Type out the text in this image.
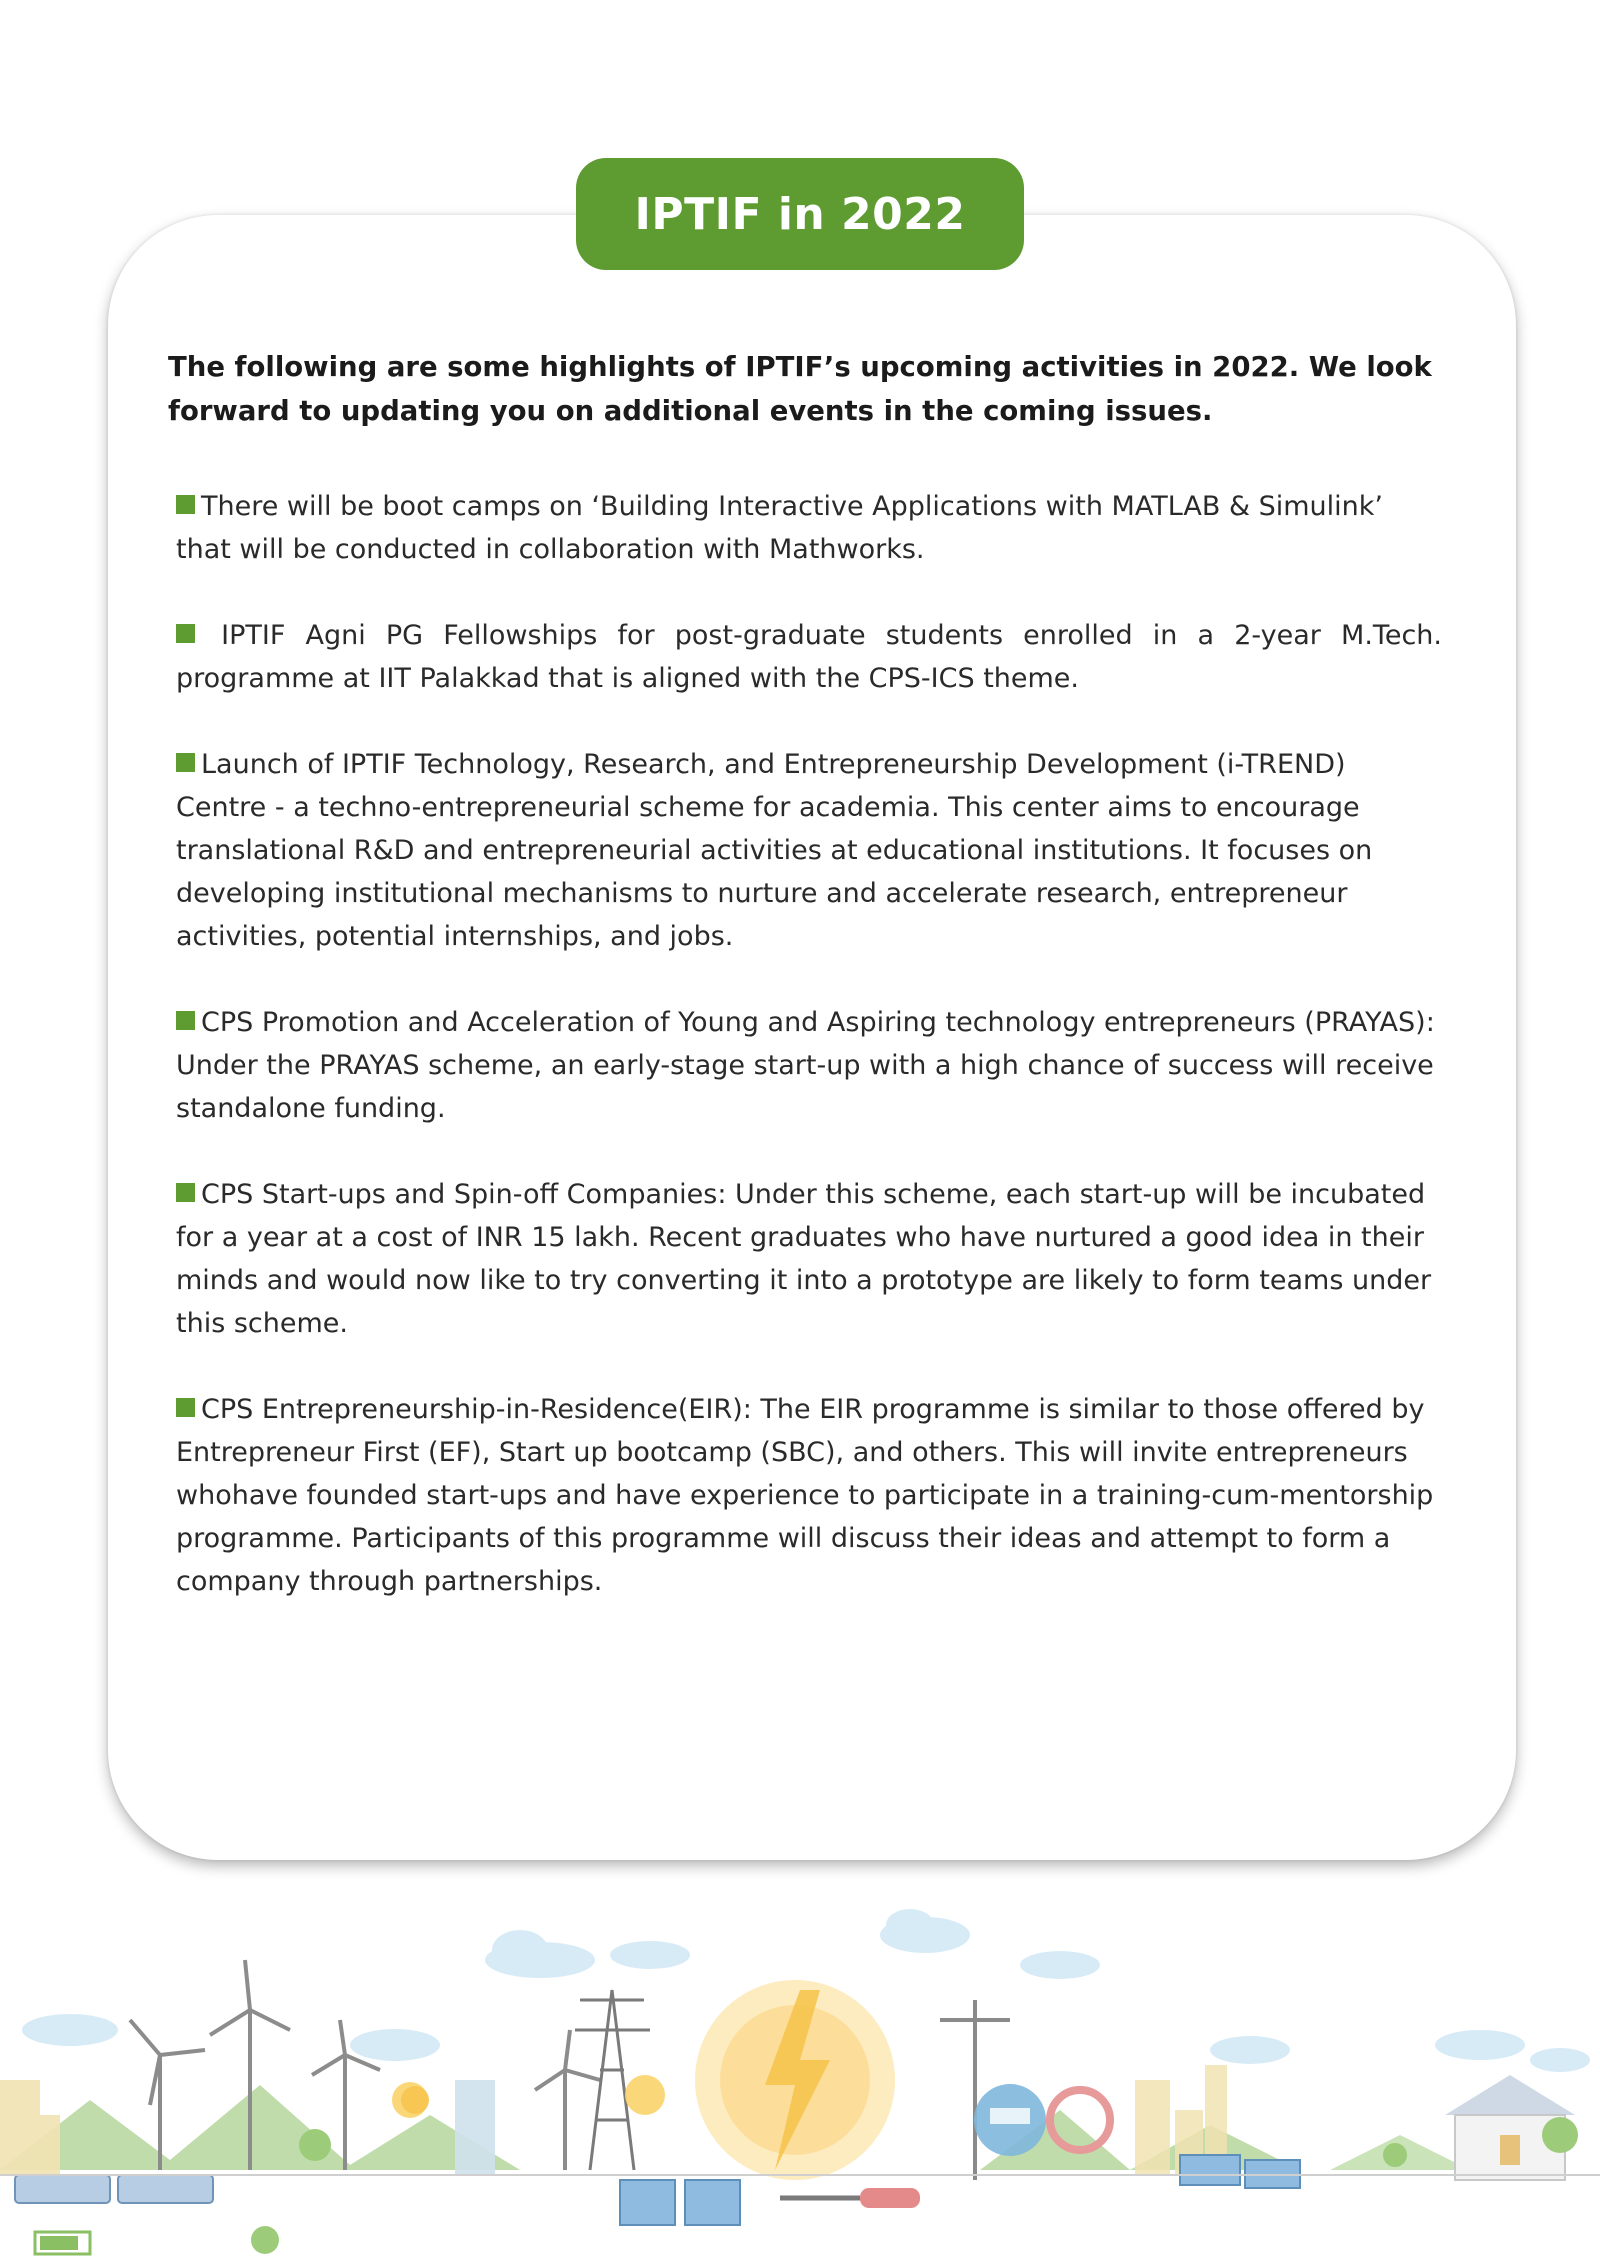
IPTIF in 2022

The following are some highlights of IPTIF’s upcoming activities in 2022. We look forward to updating you on additional events in the coming issues.

There will be boot camps on ‘Building Interactive Applications with MATLAB & Simulink’ that will be conducted in collaboration with Mathworks.
IPTIF Agni PG Fellowships for post-graduate students enrolled in a 2-year M.Tech. programme at IIT Palakkad that is aligned with the CPS-ICS theme.
Launch of IPTIF Technology, Research, and Entrepreneurship Development (i-TREND) Centre - a techno-entrepreneurial scheme for academia. This center aims to encourage translational R&D and entrepreneurial activities at educational institutions. It focuses on developing institutional mechanisms to nurture and accelerate research, entrepreneur activities, potential internships, and jobs.
CPS Promotion and Acceleration of Young and Aspiring technology entrepreneurs (PRAYAS): Under the PRAYAS scheme, an early-stage start-up with a high chance of success will receive standalone funding.
CPS Start-ups and Spin-off Companies: Under this scheme, each start-up will be incubated for a year at a cost of INR 15 lakh. Recent graduates who have nurtured a good idea in their minds and would now like to try converting it into a prototype are likely to form teams under this scheme.
CPS Entrepreneurship-in-Residence(EIR): The EIR programme is similar to those offered by Entrepreneur First (EF), Start up bootcamp (SBC), and others. This will invite entrepreneurs whohave founded start-ups and have experience to participate in a training-cum-mentorship programme. Participants of this programme will discuss their ideas and attempt to form a company through partnerships.
